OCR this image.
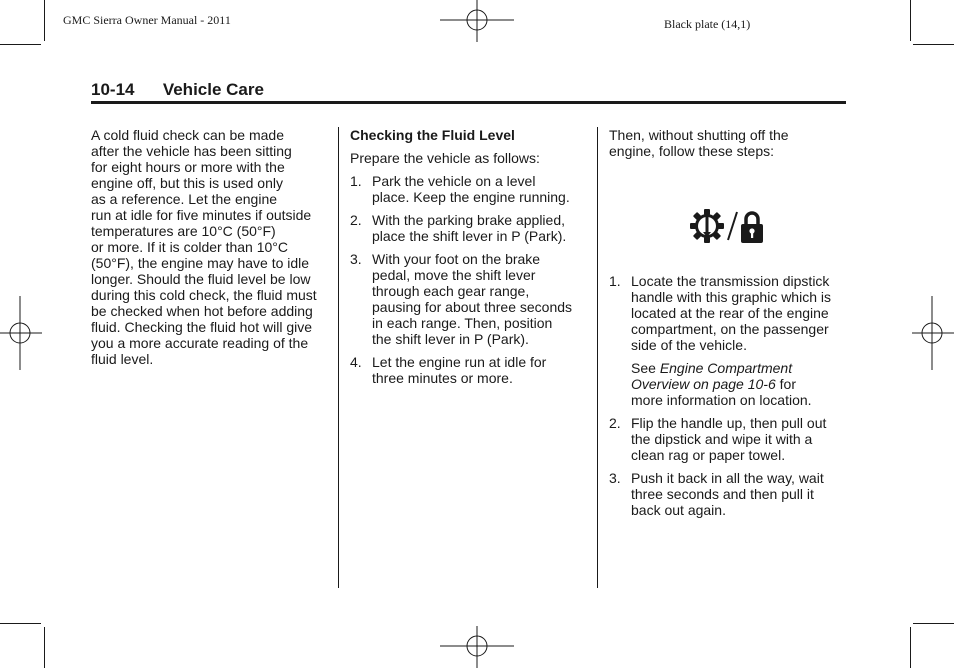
GMC Sierra Owner Manual - 2011	Black plate (14,1)
10-14 Vehicle Care

A cold fluid check can be made
after the vehicle has been sitting
for eight hours or more with the
engine off, but this is used only
as a reference. Let the engine
run at idle for five minutes if outside
temperatures are 10°C (50°F)
or more. If it is colder than 10°C
(50°F), the engine may have to idle
longer. Should the fluid level be low
during this cold check, the fluid must
be checked when hot before adding
fluid. Checking the fluid hot will give
you a more accurate reading of the
fluid level.

Checking the Fluid Level

Prepare the vehicle as follows:

1. Park the vehicle on a level
place. Keep the engine running.
2. With the parking brake applied,
place the shift lever in P (Park).
3. With your foot on the brake
pedal, move the shift lever
through each gear range,
pausing for about three seconds
in each range. Then, position
the shift lever in P (Park).
4. Let the engine run at idle for
three minutes or more.

Then, without shutting off the
engine, follow these steps:

1. Locate the transmission dipstick
handle with this graphic which is
located at the rear of the engine
compartment, on the passenger
side of the vehicle.

See Engine Compartment
Overview on page 10-6 for
more information on location.

2. Flip the handle up, then pull out
the dipstick and wipe it with a
clean rag or paper towel.
3. Push it back in all the way, wait
three seconds and then pull it
back out again.
